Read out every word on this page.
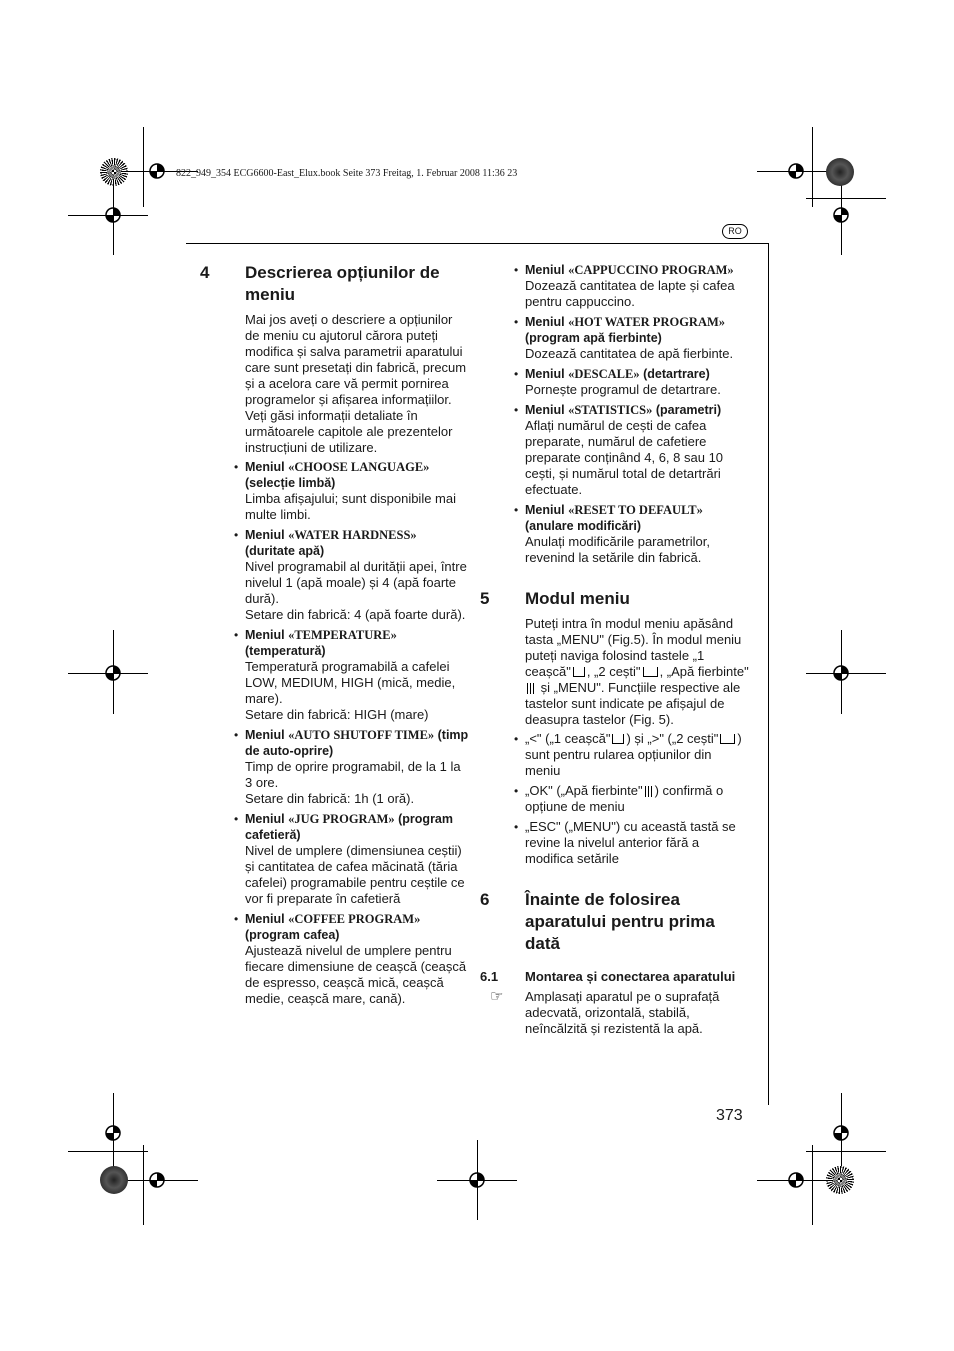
822_949_354 ECG6600-East_Elux.book Seite 373 Freitag, 1. Februar 2008 11:36 23
RO
4 Descrierea opțiunilor de meniu
Mai jos aveți o descriere a opțiunilor de meniu cu ajutorul cărora puteți modifica și salva parametrii aparatului care sunt presetați din fabrică, precum și a acelora care vă permit pornirea programelor și afișarea informațiilor. Veți găsi informații detaliate în următoarele capitole ale prezentelor instrucțiuni de utilizare.
• Meniul «CHOOSE LANGUAGE» (selecție limbă)
Limba afișajului; sunt disponibile mai multe limbi.
• Meniul «WATER HARDNESS» (duritate apă)
Nivel programabil al durității apei, între nivelul 1 (apă moale) și 4 (apă foarte dură).
Setare din fabrică: 4 (apă foarte dură).
• Meniul «TEMPERATURE» (temperatură)
Temperatură programabilă a cafelei LOW, MEDIUM, HIGH (mică, medie, mare).
Setare din fabrică: HIGH (mare)
• Meniul «AUTO SHUTOFF TIME» (timp de auto-oprire)
Timp de oprire programabil, de la 1 la 3 ore.
Setare din fabrică: 1h (1 oră).
• Meniul «JUG PROGRAM» (program cafetieră)
Nivel de umplere (dimensiunea ceștii) și cantitatea de cafea măcinată (tăria cafelei) programabile pentru ceștile ce vor fi preparate în cafetieră
• Meniul «COFFEE PROGRAM» (program cafea)
Ajustează nivelul de umplere pentru fiecare dimensiune de ceașcă (ceașcă de espresso, ceașcă mică, ceașcă medie, ceașcă mare, cană).
• Meniul «CAPPUCCINO PROGRAM»
Dozează cantitatea de lapte și cafea pentru cappuccino.
• Meniul «HOT WATER PROGRAM» (program apă fierbinte)
Dozează cantitatea de apă fierbinte.
• Meniul «DESCALE» (detartrare)
Pornește programul de detartrare.
• Meniul «STATISTICS» (parametri)
Aflați numărul de cești de cafea preparate, numărul de cafetiere preparate conținând 4, 6, 8 sau 10 cești, și numărul total de detartrări efectuate.
• Meniul «RESET TO DEFAULT» (anulare modificări)
Anulați modificările parametrilor, revenind la setările din fabrică.
5 Modul meniu
Puteți intra în modul meniu apăsând tasta „MENU" (Fig.5). În modul meniu puteți naviga folosind tastele „1 ceașcă" , „2 cești" , „Apă fierbinte" și „MENU". Funcțiile respective ale tastelor sunt indicate pe afișajul de deasupra tastelor (Fig. 5).
• „<" („1 ceașcă" ) și „>" („2 cești" ) sunt pentru rularea opțiunilor din meniu
• „OK" („Apă fierbinte" ) confirmă o opțiune de meniu
• „ESC" („MENU") cu această tastă se revine la nivelul anterior fără a modifica setările
6 Înainte de folosirea aparatului pentru prima dată
6.1 Montarea și conectarea aparatului
☞ Amplasați aparatul pe o suprafață adecvată, orizontală, stabilă, neîncălzită și rezistentă la apă.
373
